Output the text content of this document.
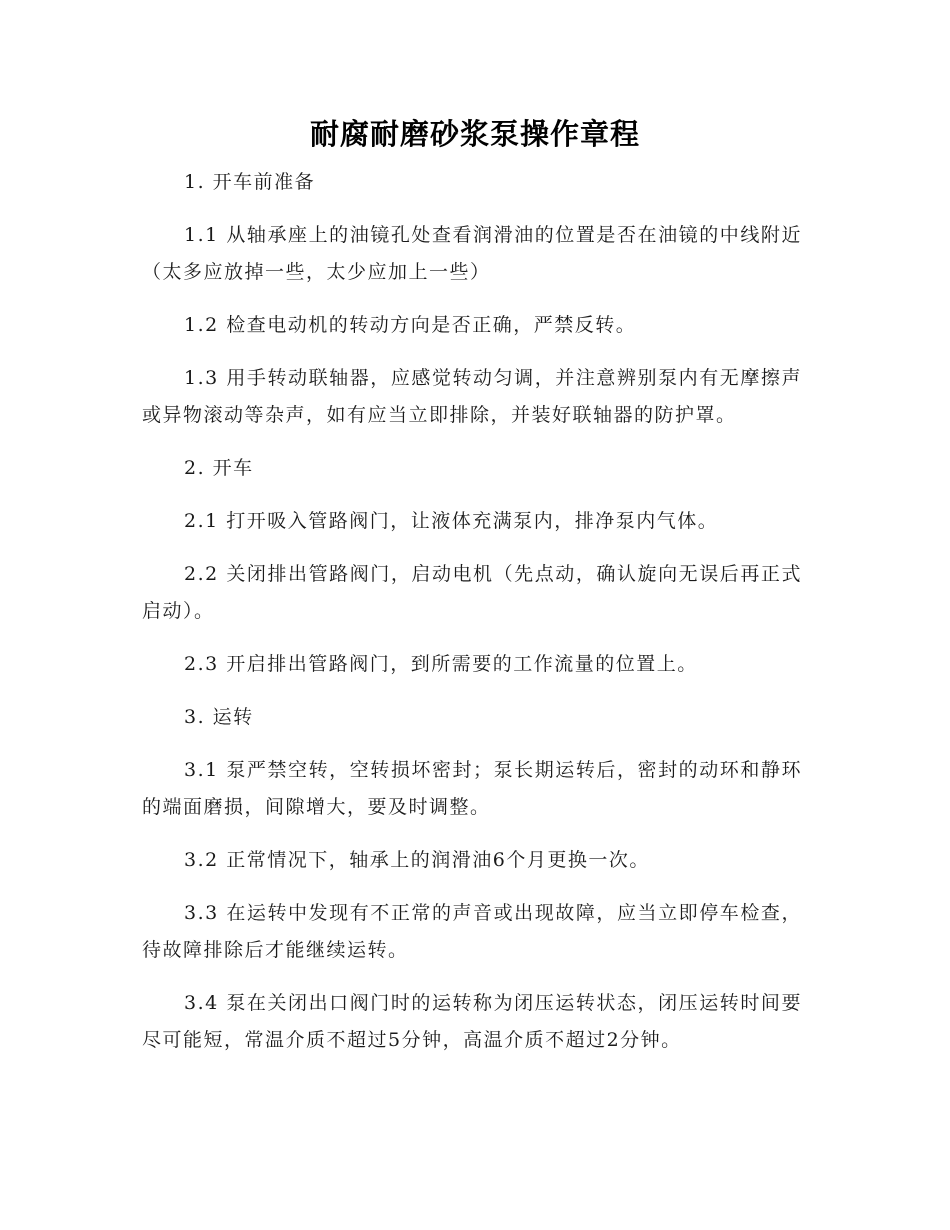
耐腐耐磨砂浆泵操作章程

1. 开车前准备

1.1 从轴承座上的油镜孔处查看润滑油的位置是否在油镜的中线附近（太多应放掉一些，太少应加上一些）

1.2 检查电动机的转动方向是否正确，严禁反转。

1.3 用手转动联轴器，应感觉转动匀调，并注意辨别泵内有无摩擦声或异物滚动等杂声，如有应当立即排除，并装好联轴器的防护罩。

2. 开车

2.1 打开吸入管路阀门，让液体充满泵内，排净泵内气体。

2.2 关闭排出管路阀门，启动电机（先点动，确认旋向无误后再正式启动）。

2.3 开启排出管路阀门，到所需要的工作流量的位置上。

3. 运转

3.1 泵严禁空转，空转损坏密封；泵长期运转后，密封的动环和静环的端面磨损，间隙增大，要及时调整。

3.2 正常情况下，轴承上的润滑油6个月更换一次。

3.3 在运转中发现有不正常的声音或出现故障，应当立即停车检查，待故障排除后才能继续运转。

3.4 泵在关闭出口阀门时的运转称为闭压运转状态，闭压运转时间要尽可能短，常温介质不超过5分钟，高温介质不超过2分钟。
